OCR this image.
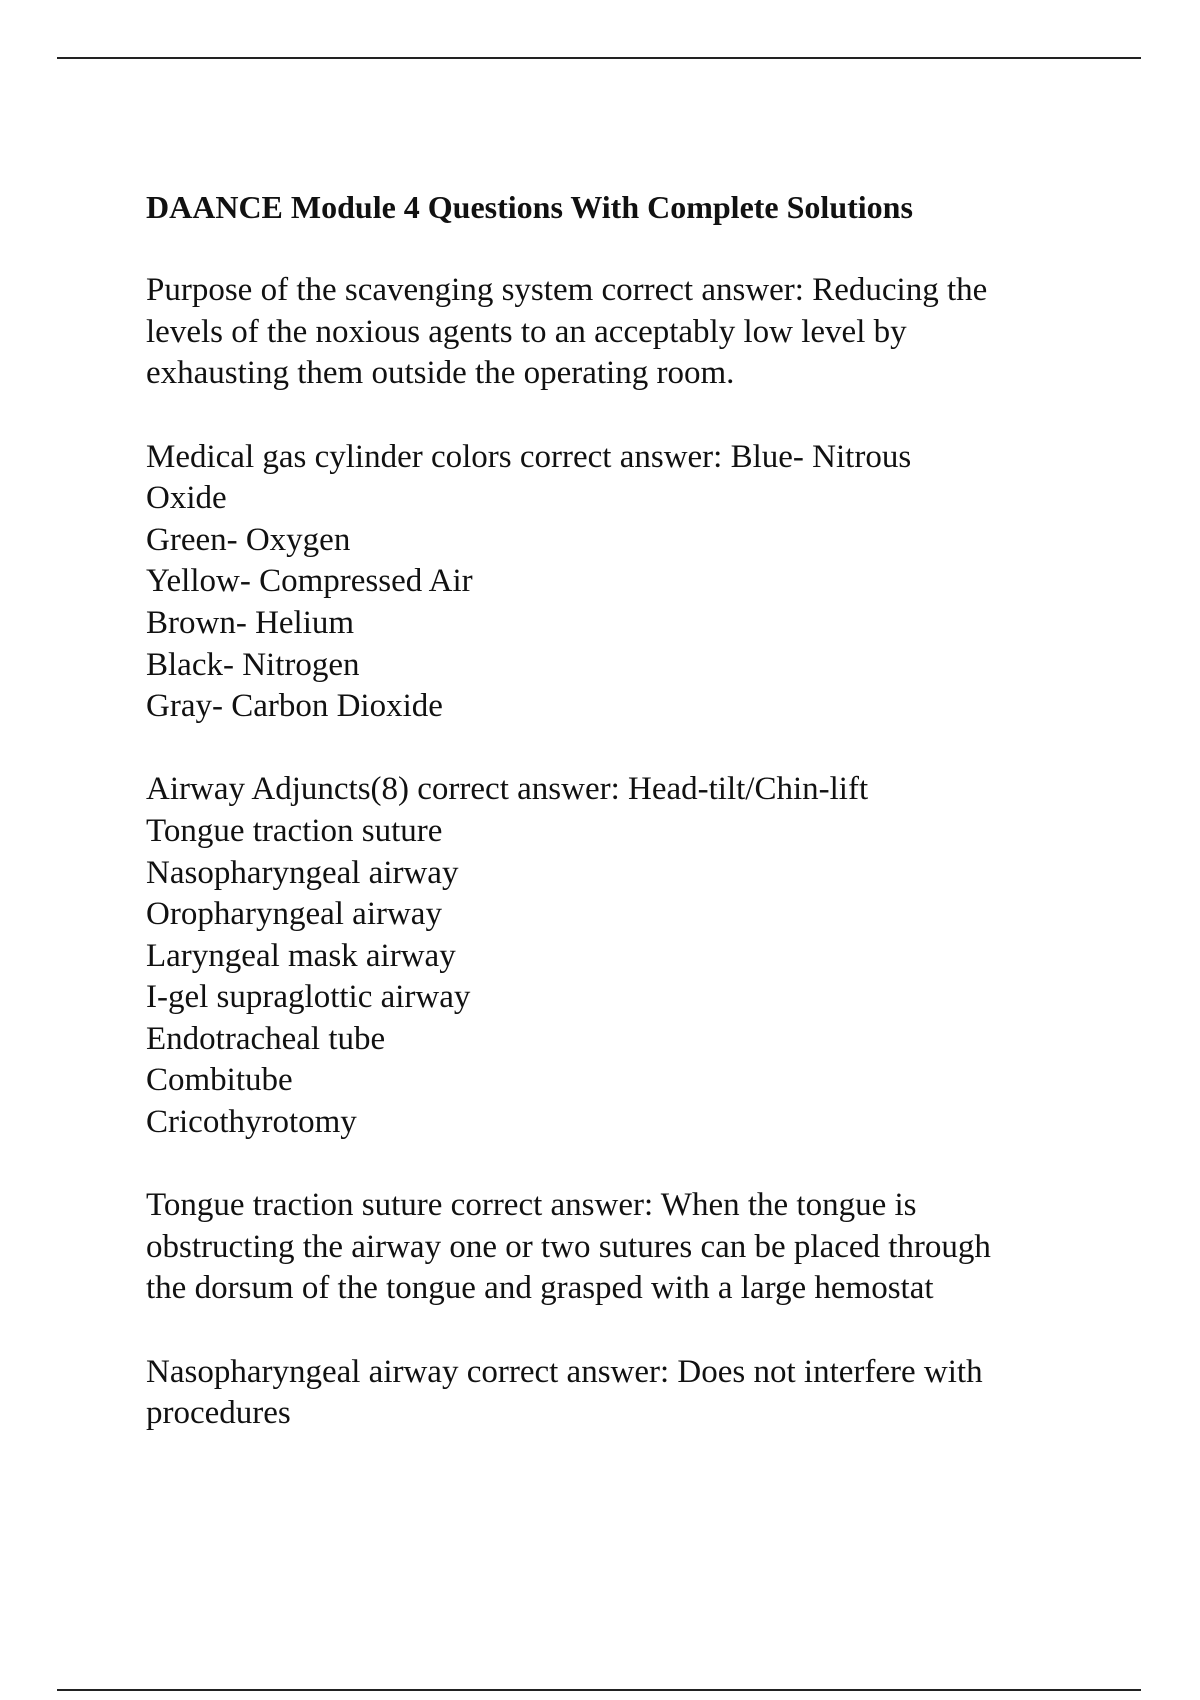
DAANCE Module 4 Questions With Complete Solutions
Purpose of the scavenging system correct answer: Reducing the
levels of the noxious agents to an acceptably low level by
exhausting them outside the operating room.
Medical gas cylinder colors correct answer: Blue- Nitrous
Oxide
Green- Oxygen
Yellow- Compressed Air
Brown- Helium
Black- Nitrogen
Gray- Carbon Dioxide
Airway Adjuncts(8) correct answer: Head-tilt/Chin-lift
Tongue traction suture
Nasopharyngeal airway
Oropharyngeal airway
Laryngeal mask airway
I-gel supraglottic airway
Endotracheal tube
Combitube
Cricothyrotomy
Tongue traction suture correct answer: When the tongue is
obstructing the airway one or two sutures can be placed through
the dorsum of the tongue and grasped with a large hemostat
Nasopharyngeal airway correct answer: Does not interfere with
procedures
